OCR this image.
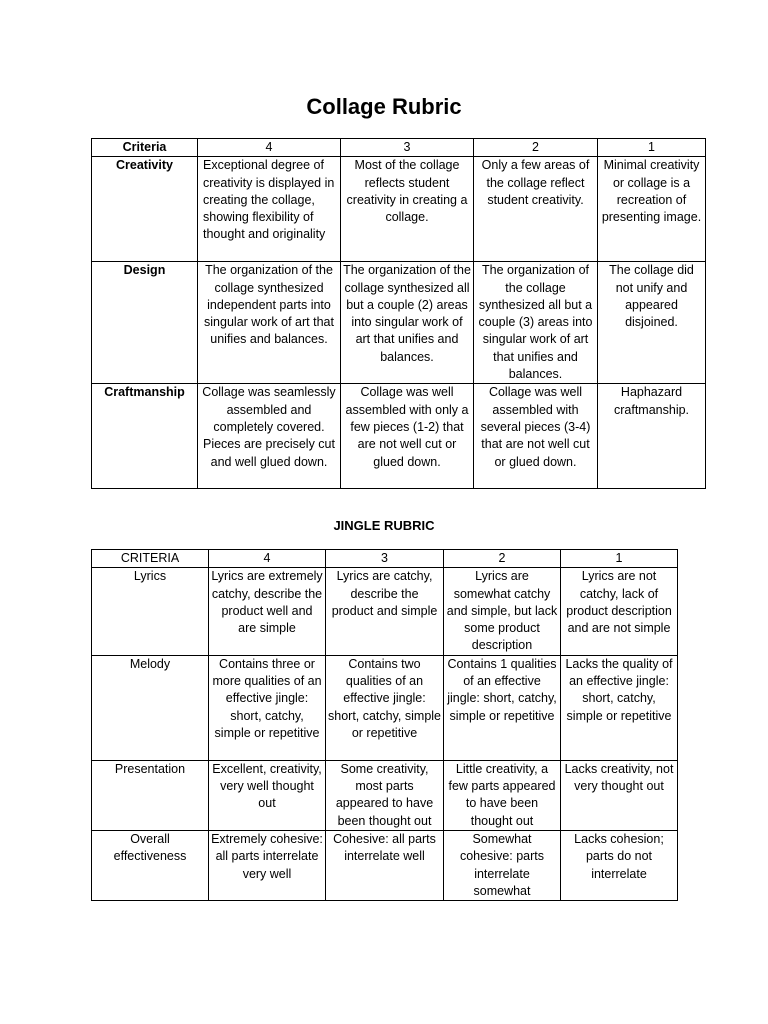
Collage Rubric
Criteria	4	3	2	1
Creativity	Exceptional degree of creativity is displayed in creating the collage, showing flexibility of thought and originality	Most of the collage reflects student creativity in creating a collage.	Only a few areas of the collage reflect student creativity.	Minimal creativity or collage is a recreation of presenting image.
Design	The organization of the collage synthesized independent parts into singular work of art that unifies and balances.	The organization of the collage synthesized all but a couple (2) areas into singular work of art that unifies and balances.	The organization of the collage synthesized all but a couple (3) areas into singular work of art that unifies and balances.	The collage did not unify and appeared disjoined.
Craftmanship	Collage was seamlessly assembled and completely covered. Pieces are precisely cut and well glued down.	Collage was well assembled with only a few pieces (1-2) that are not well cut or glued down.	Collage was well assembled with several pieces (3-4) that are not well cut or glued down.	Haphazard craftmanship.
JINGLE RUBRIC
CRITERIA	4	3	2	1
Lyrics	Lyrics are extremely catchy, describe the product well and are simple	Lyrics are catchy, describe the product and simple	Lyrics are somewhat catchy and simple, but lack some product description	Lyrics are not catchy, lack of product description and are not simple
Melody	Contains three or more qualities of an effective jingle: short, catchy, simple or repetitive	Contains two qualities of an effective jingle: short, catchy, simple or repetitive	Contains 1 qualities of an effective jingle: short, catchy, simple or repetitive	Lacks the quality of an effective jingle: short, catchy, simple or repetitive
Presentation	Excellent, creativity, very well thought out	Some creativity, most parts appeared to have been thought out	Little creativity, a few parts appeared to have been thought out	Lacks creativity, not very thought out
Overall effectiveness	Extremely cohesive: all parts interrelate very well	Cohesive: all parts interrelate well	Somewhat cohesive: parts interrelate somewhat	Lacks cohesion; parts do not interrelate
